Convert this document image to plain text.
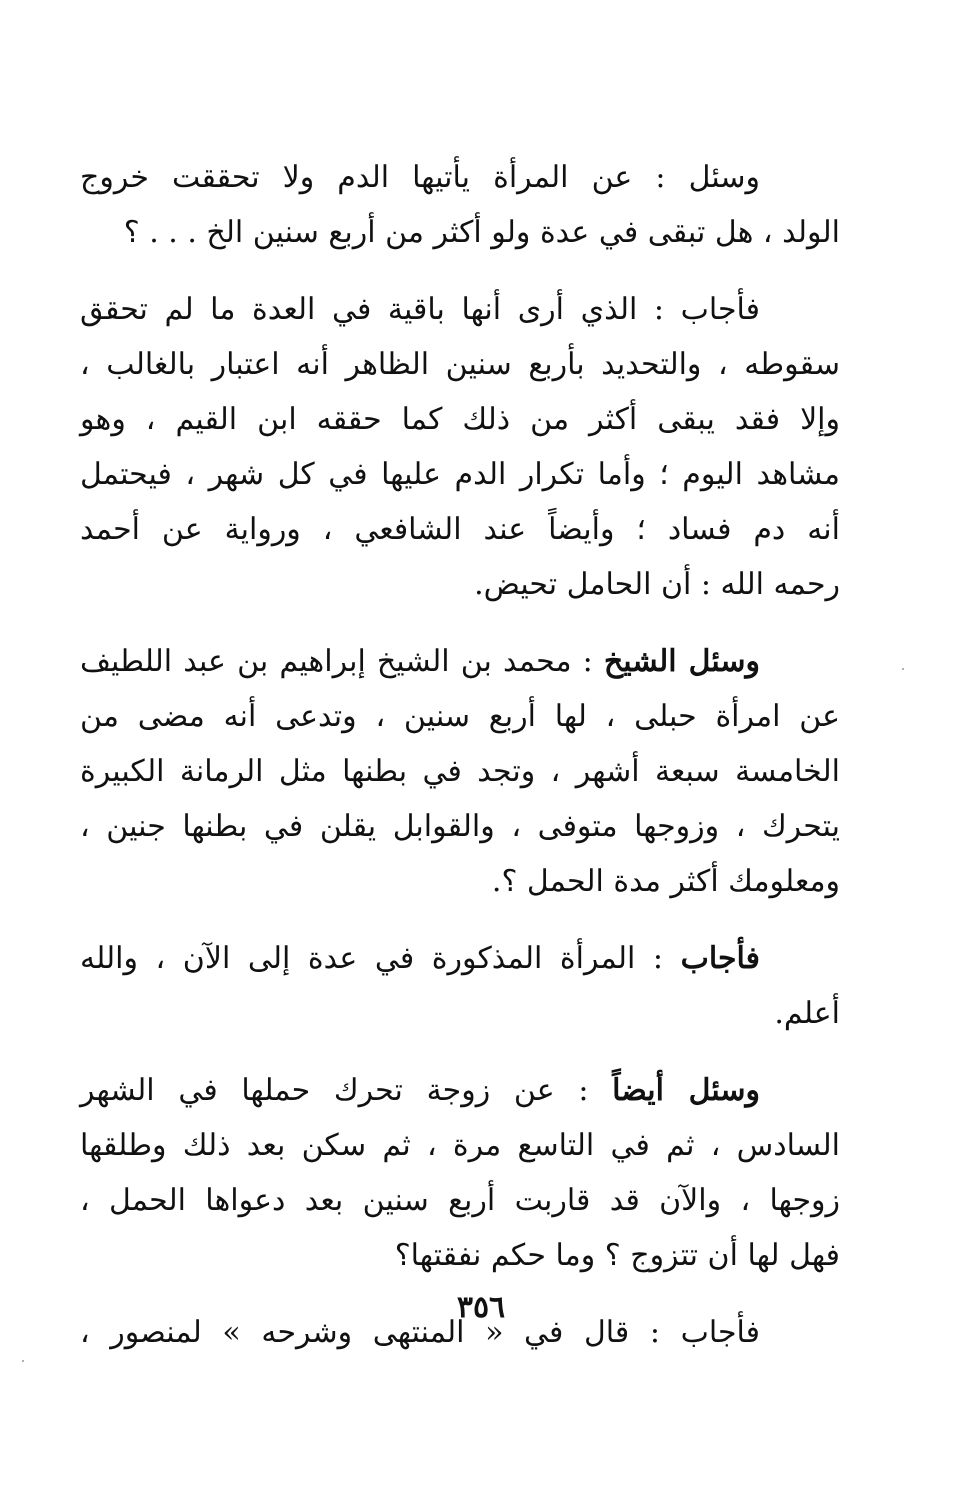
وسئل : عن المرأة يأتيها الدم ولا تحققت خروج
الولد ، هل تبقى في عدة ولو أكثر من أربع سنين الخ . . . ؟
فأجاب : الذي أرى أنها باقية في العدة ما لم تحقق
سقوطه ، والتحديد بأربع سنين الظاهر أنه اعتبار بالغالب ،
وإلا فقد يبقى أكثر من ذلك كما حققه ابن القيم ، وهو
مشاهد اليوم ؛ وأما تكرار الدم عليها في كل شهر ، فيحتمل
أنه دم فساد ؛ وأيضاً عند الشافعي ، ورواية عن أحمد
رحمه الله : أن الحامل تحيض.
وسئل الشيخ : محمد بن الشيخ إبراهيم بن عبد اللطيف
عن امرأة حبلى ، لها أربع سنين ، وتدعى أنه مضى من
الخامسة سبعة أشهر ، وتجد في بطنها مثل الرمانة الكبيرة
يتحرك ، وزوجها متوفى ، والقوابل يقلن في بطنها جنين ،
ومعلومك أكثر مدة الحمل ؟.
فأجاب : المرأة المذكورة في عدة إلى الآن ، والله
أعلم.
وسئل أيضاً : عن زوجة تحرك حملها في الشهر
السادس ، ثم في التاسع مرة ، ثم سكن بعد ذلك وطلقها
زوجها ، والآن قد قاربت أربع سنين بعد دعواها الحمل ،
فهل لها أن تتزوج ؟ وما حكم نفقتها؟
فأجاب : قال في « المنتهى وشرحه » لمنصور ،
٣٥٦
